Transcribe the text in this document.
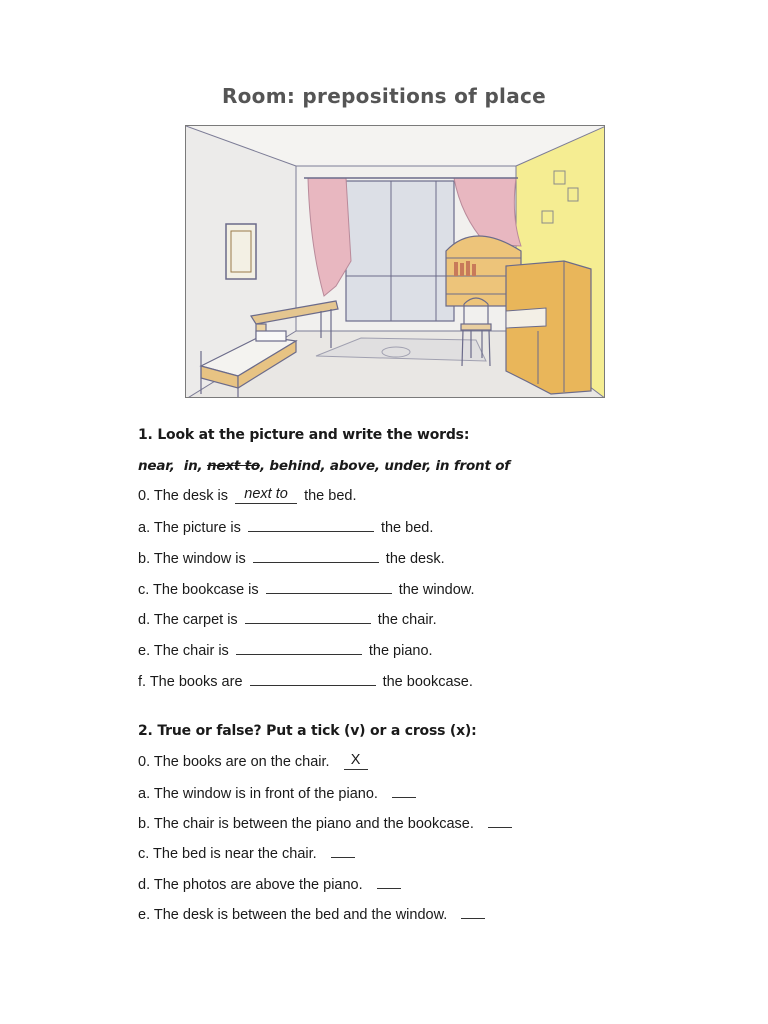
Room: prepositions of place
1. Look at the picture and write the words:
near, in, next to, behind, above, under, in front of
0. The desk is next to the bed.
a. The picture is	the bed.
b. The window is	the desk.
c. The bookcase is	the window.
d. The carpet is	the chair.
e. The chair is	the piano.
f. The books are	the bookcase.
2. True or false? Put a tick (v) or a cross (x):
0. The books are on the chair. X
a. The window is in front of the piano.
b. The chair is between the piano and the bookcase.
c. The bed is near the chair.
d. The photos are above the piano.
e. The desk is between the bed and the window.
